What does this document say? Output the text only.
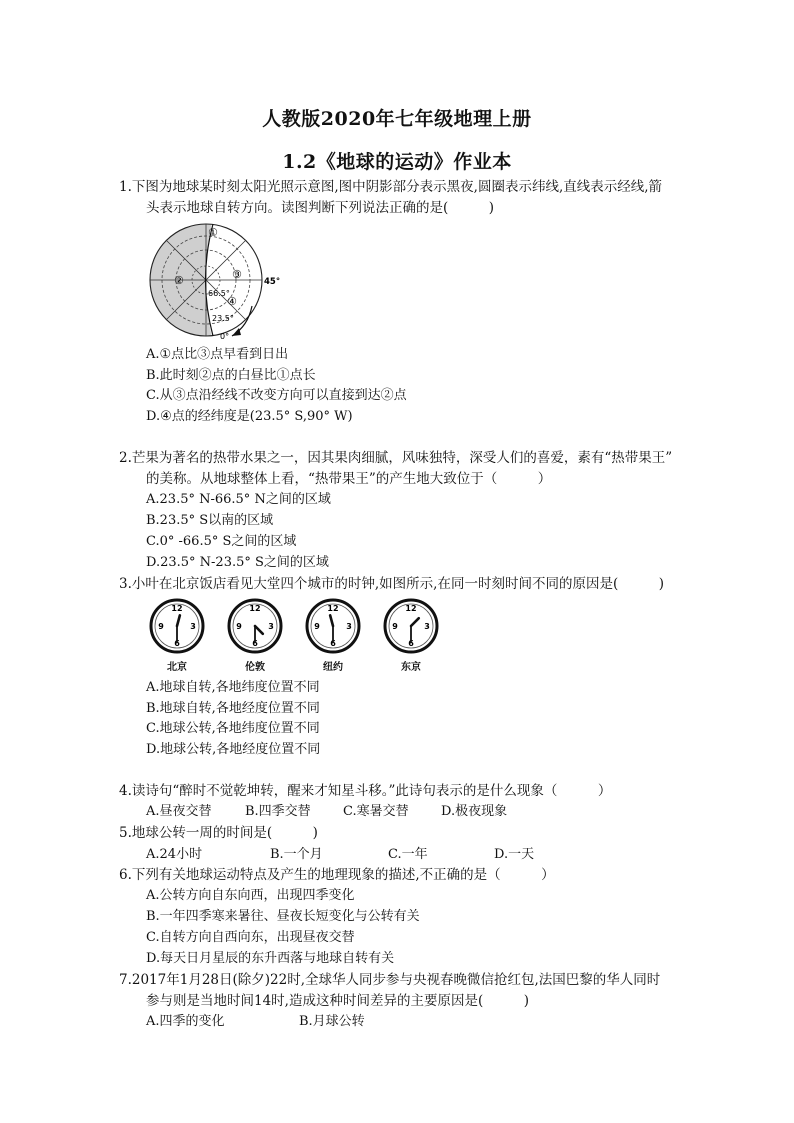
人教版2020年七年级地理上册
1.2《地球的运动》作业本
1.下图为地球某时刻太阳光照示意图,图中阴影部分表示黑夜,圆圈表示纬线,直线表示经线,箭
头表示地球自转方向。读图判断下列说法正确的是(　　　)
①
②	③
④
45°
66.5°
23.5°
0°
A.①点比③点早看到日出
B.此时刻②点的白昼比①点长
C.从③点沿经线不改变方向可以直接到达②点
D.④点的经纬度是(23.5° S,90° W)
2.芒果为著名的热带水果之一，因其果肉细腻，风味独特，深受人们的喜爱，素有“热带果王”
的美称。从地球整体上看，“热带果王”的产生地大致位于（　　　）
A.23.5° N-66.5° N之间的区域
B.23.5° S以南的区域
C.0° -66.5° S之间的区域
D.23.5° N-23.5° S之间的区域
3.小叶在北京饭店看见大堂四个城市的时钟,如图所示,在同一时刻时间不同的原因是(　　　)
12
3
6
9
北京
12
3
6
9
伦敦
12
3
6
9
纽约
12
3
6
9
东京
A.地球自转,各地纬度位置不同
B.地球自转,各地经度位置不同
C.地球公转,各地纬度位置不同
D.地球公转,各地经度位置不同
4.读诗句“醉时不觉乾坤转，醒来才知星斗移。”此诗句表示的是什么现象（　　　）
A.昼夜交替	B.四季交替 C.寒暑交替 D.极夜现象
5.地球公转一周的时间是(　　　)
A.24小时	B.一个月	C.一年	D.一天
6.下列有关地球运动特点及产生的地理现象的描述,不正确的是（　　　）
A.公转方向自东向西，出现四季变化
B.一年四季寒来暑往、昼夜长短变化与公转有关
C.自转方向自西向东，出现昼夜交替
D.每天日月星辰的东升西落与地球自转有关
7.2017年1月28日(除夕)22时,全球华人同步参与央视春晚微信抢红包,法国巴黎的华人同时
参与则是当地时间14时,造成这种时间差异的主要原因是(　　　)
A.四季的变化	B.月球公转
